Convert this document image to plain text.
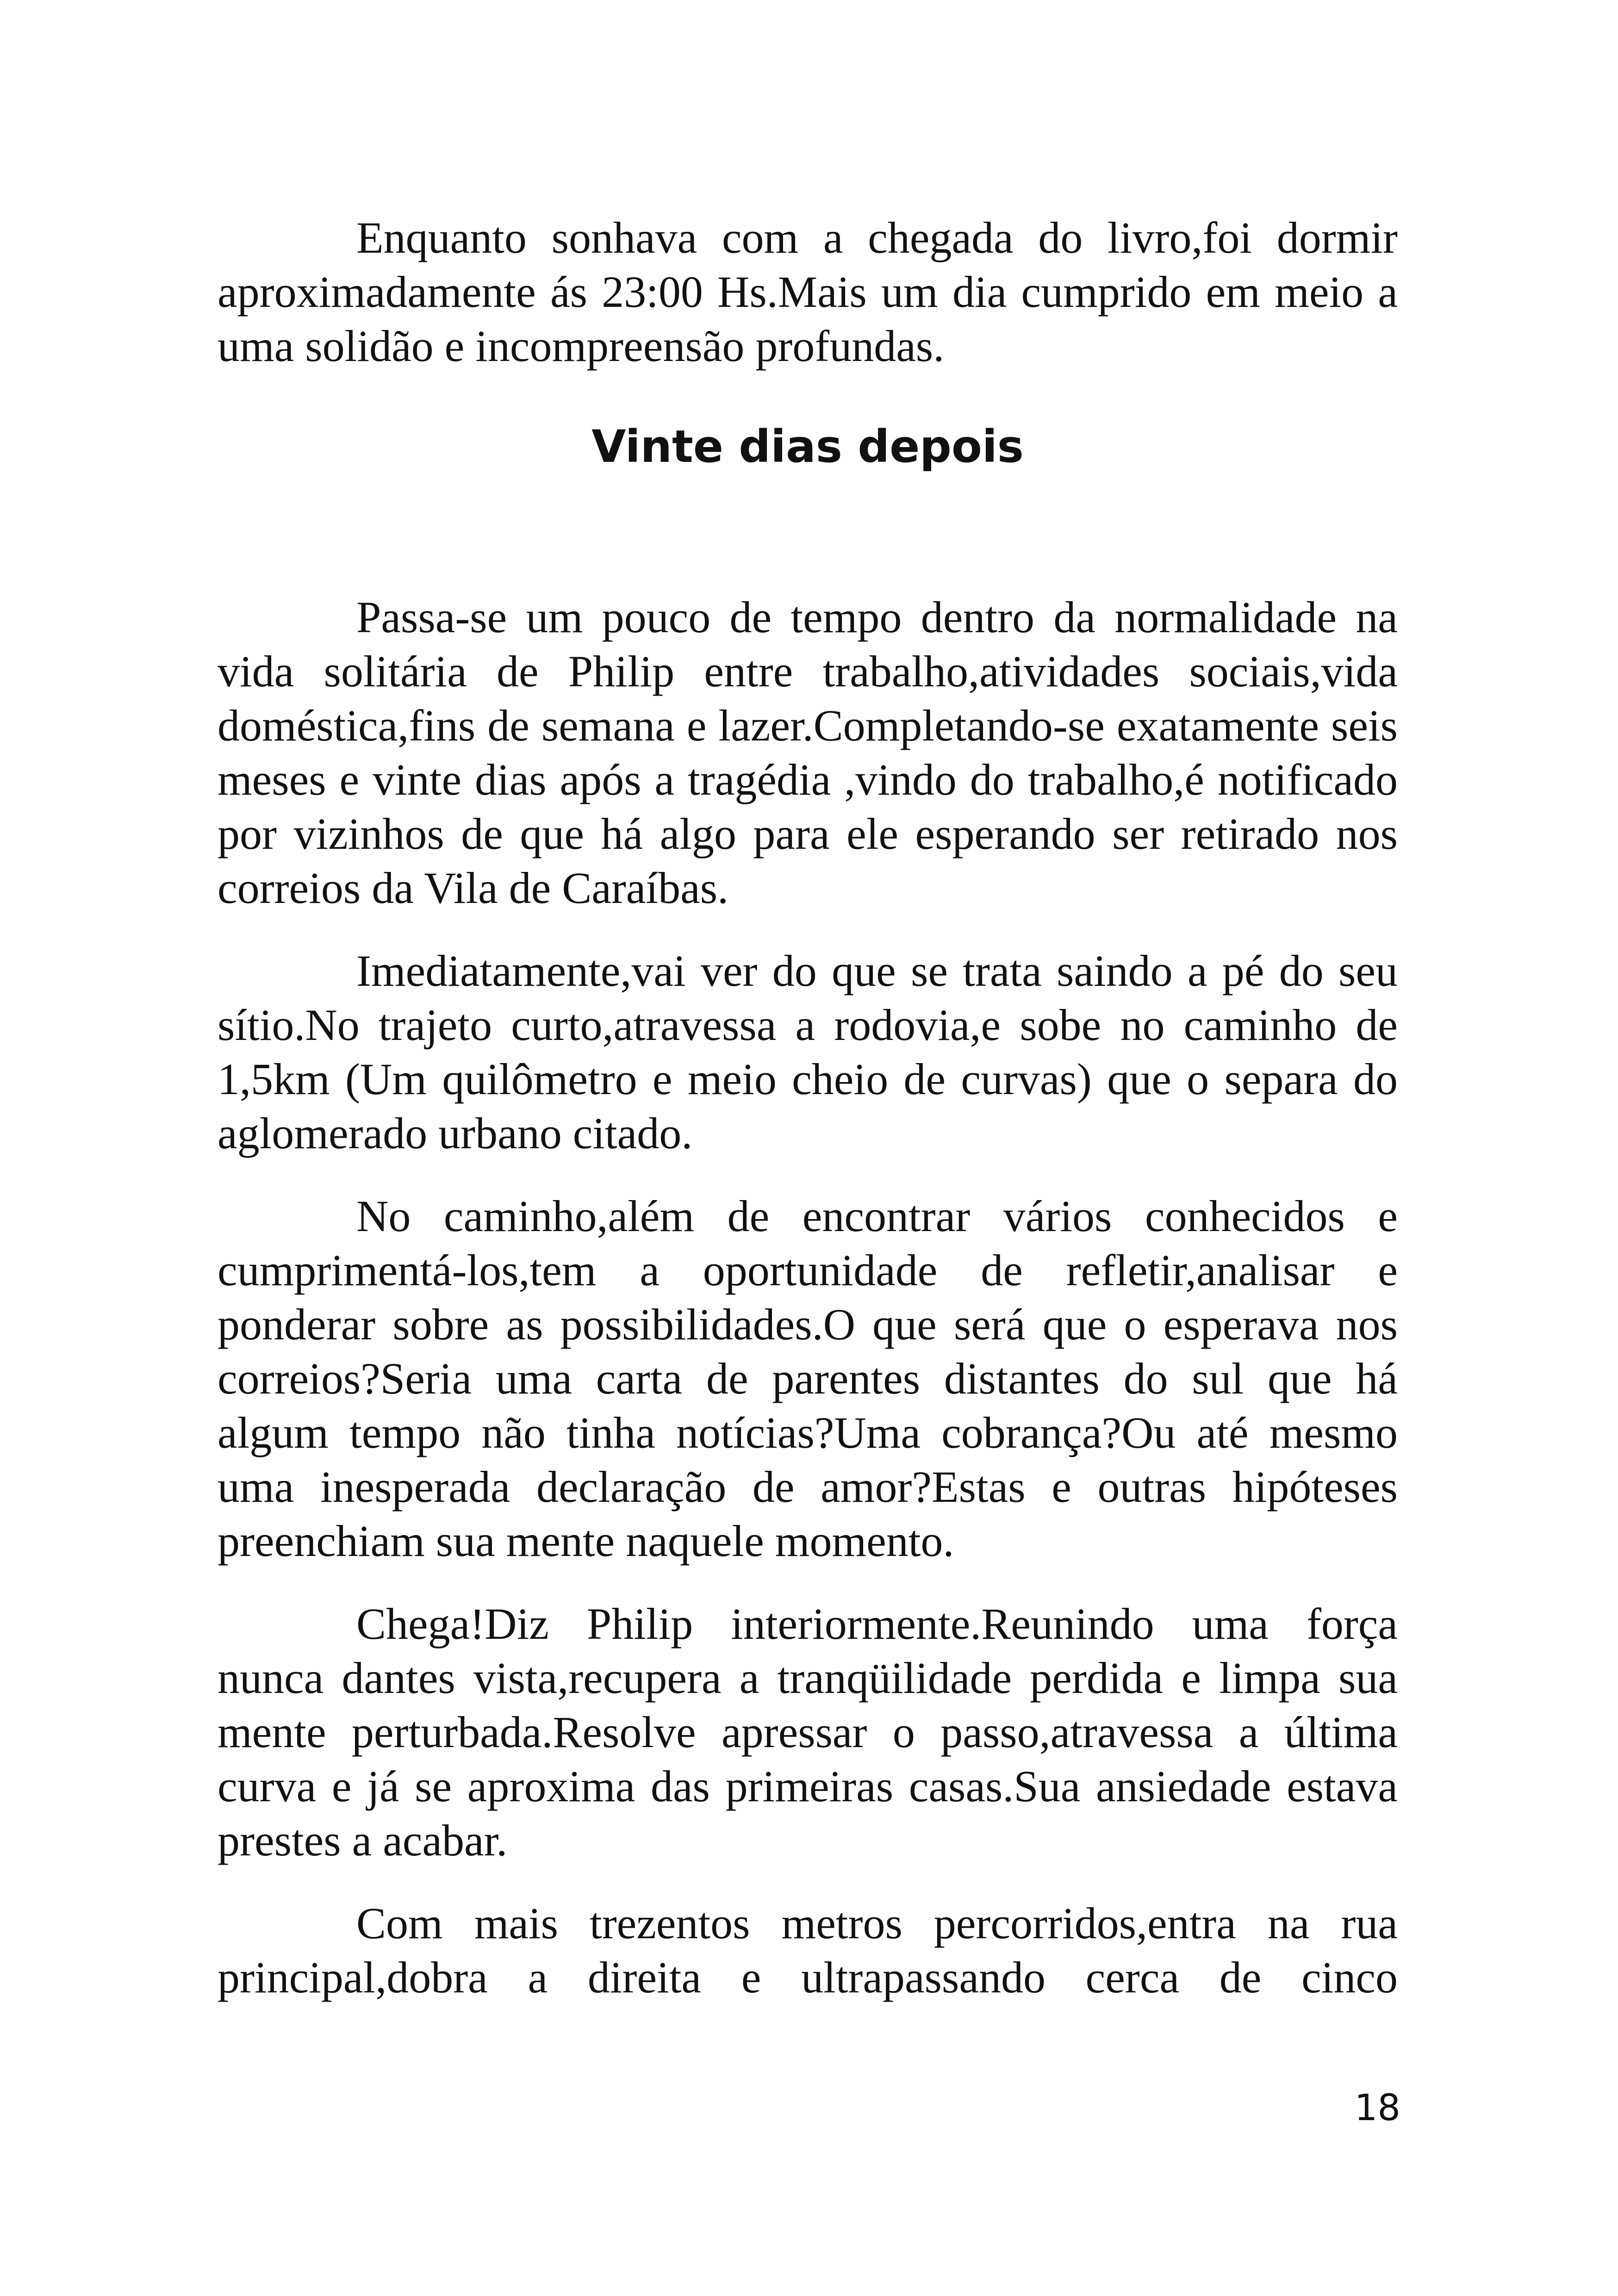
Enquanto sonhava com a chegada do livro,foi dormir aproximadamente ás 23:00 Hs.Mais um dia cumprido em meio a uma solidão e incompreensão profundas.

Vinte dias depois

Passa-se um pouco de tempo dentro da normalidade na vida solitária de Philip entre trabalho,atividades sociais,vida doméstica,fins de semana e lazer.Completando-se exatamente seis meses e vinte dias após a tragédia ,vindo do trabalho,é notificado por vizinhos de que há algo para ele esperando ser retirado nos correios da Vila de Caraíbas.

Imediatamente,vai ver do que se trata saindo a pé do seu sítio.No trajeto curto,atravessa a rodovia,e sobe no caminho de 1,5km (Um quilômetro e meio cheio de curvas) que o separa do aglomerado urbano citado.

No caminho,além de encontrar vários conhecidos e cumprimentá-los,tem a oportunidade de refletir,analisar e ponderar sobre as possibilidades.O que será que o esperava nos correios?Seria uma carta de parentes distantes do sul que há algum tempo não tinha notícias?Uma cobrança?Ou até mesmo uma inesperada declaração de amor?Estas e outras hipóteses preenchiam sua mente naquele momento.

Chega!Diz Philip interiormente.Reunindo uma força nunca dantes vista,recupera a tranqüilidade perdida e limpa sua mente perturbada.Resolve apressar o passo,atravessa a última curva e já se aproxima das primeiras casas.Sua ansiedade estava prestes a acabar.

Com mais trezentos metros percorridos,entra na rua principal,dobra a direita e ultrapassando cerca de cinco

18
